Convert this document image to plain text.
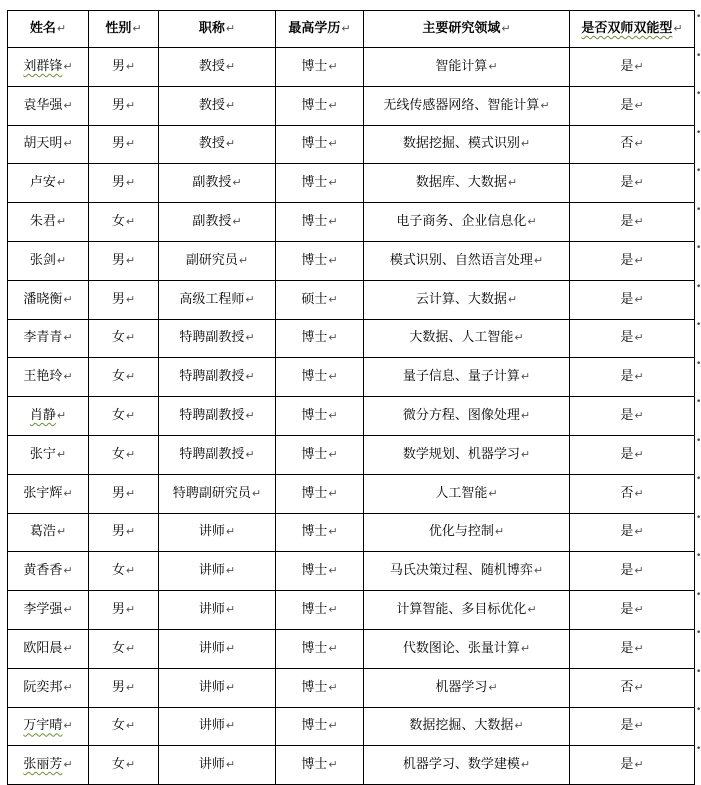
姓名↵	性别↵	职称↵	最高学历↵	主要研究领域↵	是否双师双能型↵
刘群锋↵	男↵	教授↵	博士↵	智能计算↵	是↵
袁华强↵	男↵	教授↵	博士↵	无线传感器网络、智能计算↵	是↵
胡天明↵	男↵	教授↵	博士↵	数据挖掘、模式识别↵	否↵
卢安↵	男↵	副教授↵	博士↵	数据库、大数据↵	是↵
朱君↵	女↵	副教授↵	博士↵	电子商务、企业信息化↵	是↵
张剑↵	男↵	副研究员↵	博士↵	模式识别、自然语言处理↵	是↵
潘晓衡↵	男↵	高级工程师↵	硕士↵	云计算、大数据↵	是↵
李青青↵	女↵	特聘副教授↵	博士↵	大数据、人工智能↵	是↵
王艳玲↵	女↵	特聘副教授↵	博士↵	量子信息、量子计算↵	是↵
肖静↵	女↵	特聘副教授↵	博士↵	微分方程、图像处理↵	是↵
张宁↵	女↵	特聘副教授↵	博士↵	数学规划、机器学习↵	是↵
张宇辉↵	男↵	特聘副研究员↵	博士↵	人工智能↵	否↵
葛浩↵	男↵	讲师↵	博士↵	优化与控制↵	是↵
黄香香↵	女↵	讲师↵	博士↵	马氏决策过程、随机博弈↵	是↵
李学强↵	男↵	讲师↵	博士↵	计算智能、多目标优化↵	是↵
欧阳晨↵	女↵	讲师↵	博士↵	代数图论、张量计算↵	是↵
阮奕邦↵	男↵	讲师↵	博士↵	机器学习↵	否↵
万宇晴↵	女↵	讲师↵	博士↵	数据挖掘、大数据↵	是↵
张丽芳↵	女↵	讲师↵	博士↵	机器学习、数学建模↵	是↵
•
•
•
•
•
•
•
•
•
•
•
•
•
•
•
•
•
•
•
•
